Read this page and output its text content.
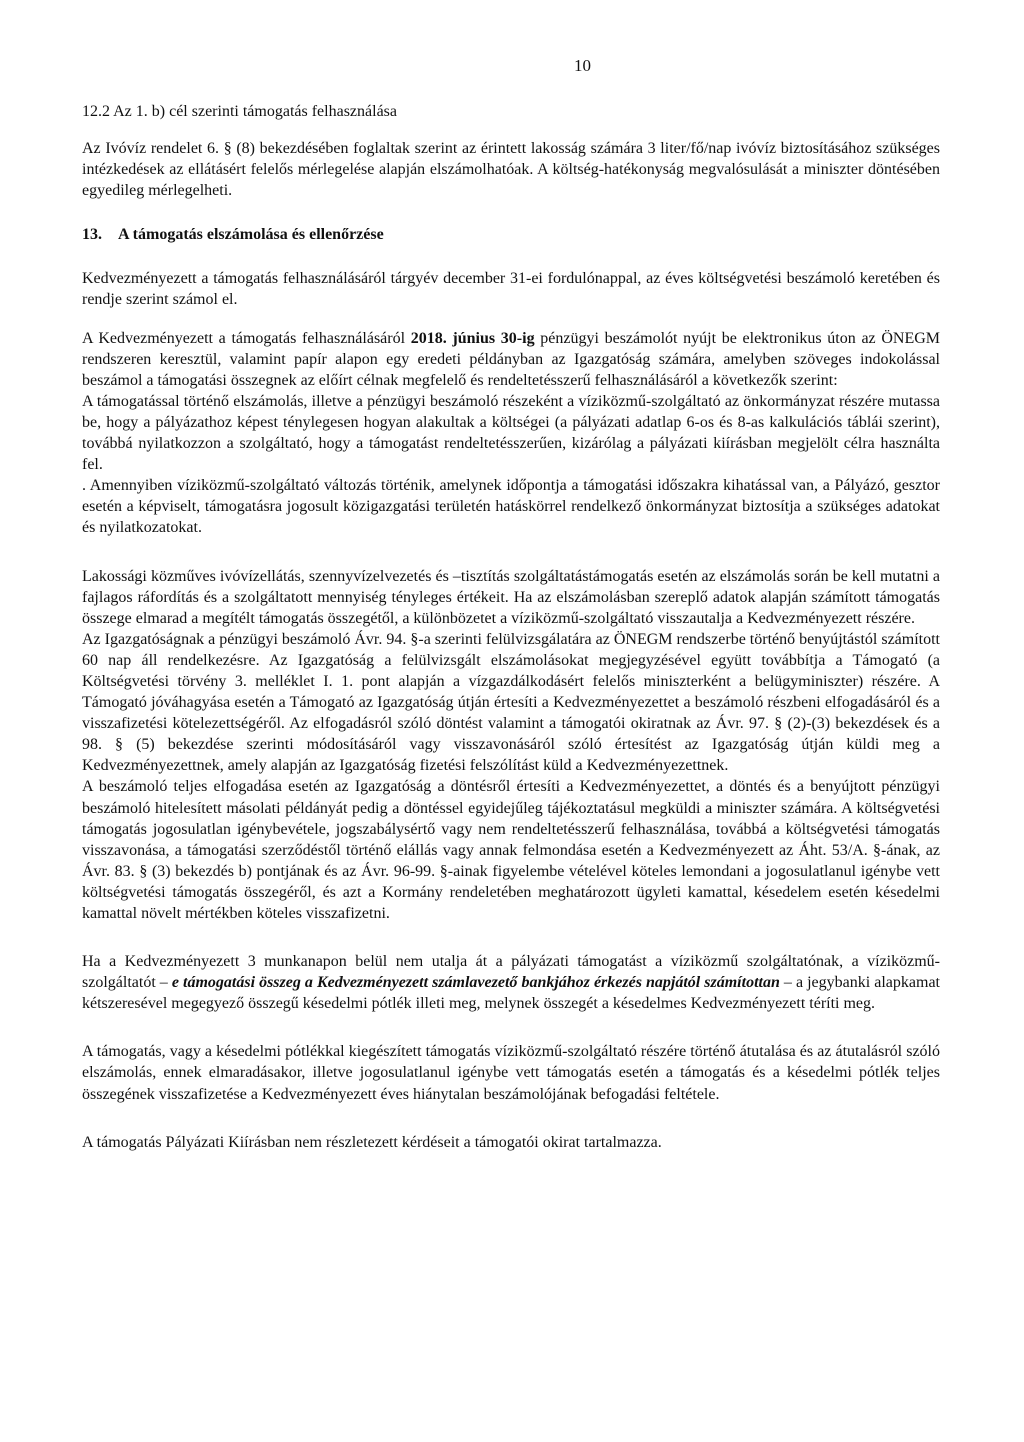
10
12.2 Az 1. b) cél szerinti támogatás felhasználása

Az Ivóvíz rendelet 6. § (8) bekezdésében foglaltak szerint az érintett lakosság számára 3 liter/fő/nap ivóvíz biztosításához szükséges intézkedések az ellátásért felelős mérlegelése alapján elszámolhatóak. A költség-hatékonyság megvalósulását a miniszter döntésében egyedileg mérlegelheti.

13. A támogatás elszámolása és ellenőrzése

Kedvezményezett a támogatás felhasználásáról tárgyév december 31-ei fordulónappal, az éves költségvetési beszámoló keretében és rendje szerint számol el.

A Kedvezményezett a támogatás felhasználásáról 2018. június 30-ig pénzügyi beszámolót nyújt be elektronikus úton az ÖNEGM rendszeren keresztül, valamint papír alapon egy eredeti példányban az Igazgatóság számára, amelyben szöveges indokolással beszámol a támogatási összegnek az előírt célnak megfelelő és rendeltetésszerű felhasználásáról a következők szerint:

A támogatással történő elszámolás, illetve a pénzügyi beszámoló részeként a víziközmű-szolgáltató az önkormányzat részére mutassa be, hogy a pályázathoz képest ténylegesen hogyan alakultak a költségei (a pályázati adatlap 6-os és 8-as kalkulációs táblái szerint), továbbá nyilatkozzon a szolgáltató, hogy a támogatást rendeltetésszerűen, kizárólag a pályázati kiírásban megjelölt célra használta fel.

. Amennyiben víziközmű-szolgáltató változás történik, amelynek időpontja a támogatási időszakra kihatással van, a Pályázó, gesztor esetén a képviselt, támogatásra jogosult közigazgatási területén hatáskörrel rendelkező önkormányzat biztosítja a szükséges adatokat és nyilatkozatokat.

Lakossági közműves ivóvízellátás, szennyvízelvezetés és –tisztítás szolgáltatástámogatás esetén az elszámolás során be kell mutatni a fajlagos ráfordítás és a szolgáltatott mennyiség tényleges értékeit. Ha az elszámolásban szereplő adatok alapján számított támogatás összege elmarad a megítélt támogatás összegétől, a különbözetet a víziközmű-szolgáltató visszautalja a Kedvezményezett részére.

Az Igazgatóságnak a pénzügyi beszámoló Ávr. 94. §-a szerinti felülvizsgálatára az ÖNEGM rendszerbe történő benyújtástól számított 60 nap áll rendelkezésre. Az Igazgatóság a felülvizsgált elszámolásokat megjegyzésével együtt továbbítja a Támogató (a Költségvetési törvény 3. melléklet I. 1. pont alapján a vízgazdálkodásért felelős miniszterként a belügyminiszter) részére. A Támogató jóváhagyása esetén a Támogató az Igazgatóság útján értesíti a Kedvezményezettet a beszámoló részbeni elfogadásáról és a visszafizetési kötelezettségéről. Az elfogadásról szóló döntést valamint a támogatói okiratnak az Ávr. 97. § (2)-(3) bekezdések és a 98. § (5) bekezdése szerinti módosításáról vagy visszavonásáról szóló értesítést az Igazgatóság útján küldi meg a Kedvezményezettnek, amely alapján az Igazgatóság fizetési felszólítást küld a Kedvezményezettnek.

A beszámoló teljes elfogadása esetén az Igazgatóság a döntésről értesíti a Kedvezményezettet, a döntés és a benyújtott pénzügyi beszámoló hitelesített másolati példányát pedig a döntéssel egyidejűleg tájékoztatásul megküldi a miniszter számára. A költségvetési támogatás jogosulatlan igénybevétele, jogszabálysértő vagy nem rendeltetésszerű felhasználása, továbbá a költségvetési támogatás visszavonása, a támogatási szerződéstől történő elállás vagy annak felmondása esetén a Kedvezményezett az Áht. 53/A. §-ának, az Ávr. 83. § (3) bekezdés b) pontjának és az Ávr. 96-99. §-ainak figyelembe vételével köteles lemondani a jogosulatlanul igénybe vett költségvetési támogatás összegéről, és azt a Kormány rendeletében meghatározott ügyleti kamattal, késedelem esetén késedelmi kamattal növelt mértékben köteles visszafizetni.

Ha a Kedvezményezett 3 munkanapon belül nem utalja át a pályázati támogatást a víziközmű szolgáltatónak, a víziközmű-szolgáltatót – e támogatási összeg a Kedvezményezett számlavezető bankjához érkezés napjától számítottan – a jegybanki alapkamat kétszeresével megegyező összegű késedelmi pótlék illeti meg, melynek összegét a késedelmes Kedvezményezett téríti meg.

A támogatás, vagy a késedelmi pótlékkal kiegészített támogatás víziközmű-szolgáltató részére történő átutalása és az átutalásról szóló elszámolás, ennek elmaradásakor, illetve jogosulatlanul igénybe vett támogatás esetén a támogatás és a késedelmi pótlék teljes összegének visszafizetése a Kedvezményezett éves hiánytalan beszámolójának befogadási feltétele.

A támogatás Pályázati Kiírásban nem részletezett kérdéseit a támogatói okirat tartalmazza.
